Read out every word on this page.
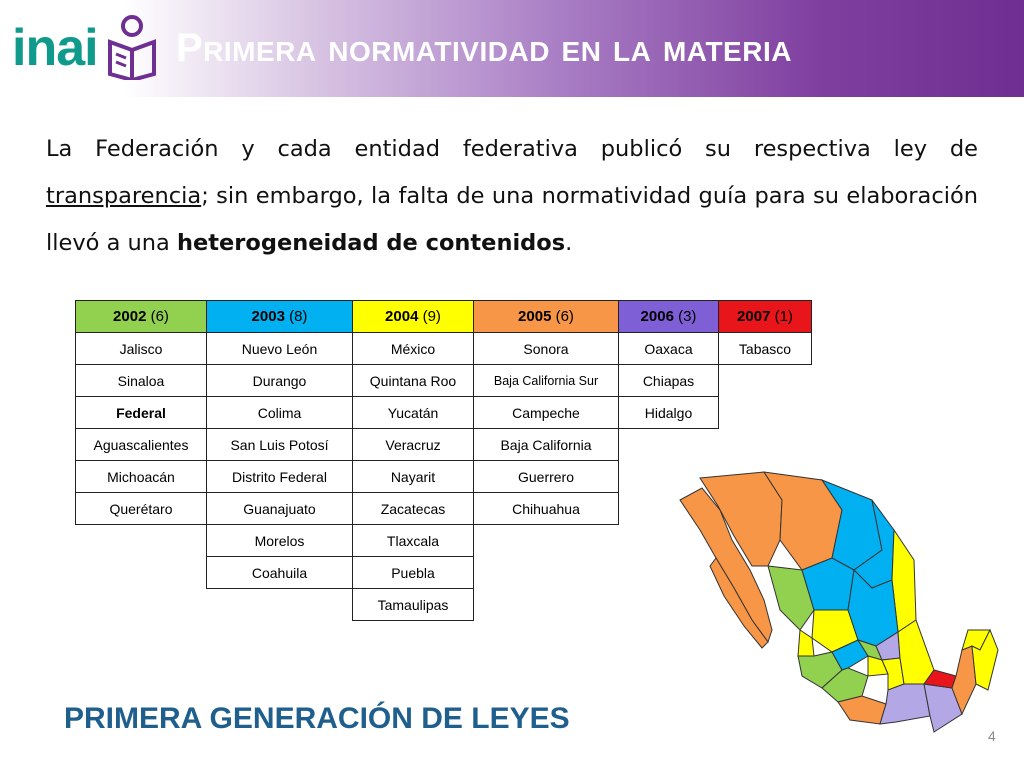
inai Primera normatividad en la materia
La Federación y cada entidad federativa publicó su respectiva ley de transparencia; sin embargo, la falta de una normatividad guía para su elaboración llevó a una heterogeneidad de contenidos.
2002 (6)	2003 (8)	2004 (9)	2005 (6)	2006 (3)	2007 (1)
Jalisco	Nuevo León	México	Sonora	Oaxaca	Tabasco
Sinaloa	Durango	Quintana Roo	Baja California Sur	Chiapas	
Federal	Colima	Yucatán	Campeche	Hidalgo	
Aguascalientes	San Luis Potosí	Veracruz	Baja California		
Michoacán	Distrito Federal	Nayarit	Guerrero		
Querétaro	Guanajuato	Zacatecas	Chihuahua		
	Morelos	Tlaxcala			
	Coahuila	Puebla			
		Tamaulipas			
PRIMERA GENERACIÓN DE LEYES
4
